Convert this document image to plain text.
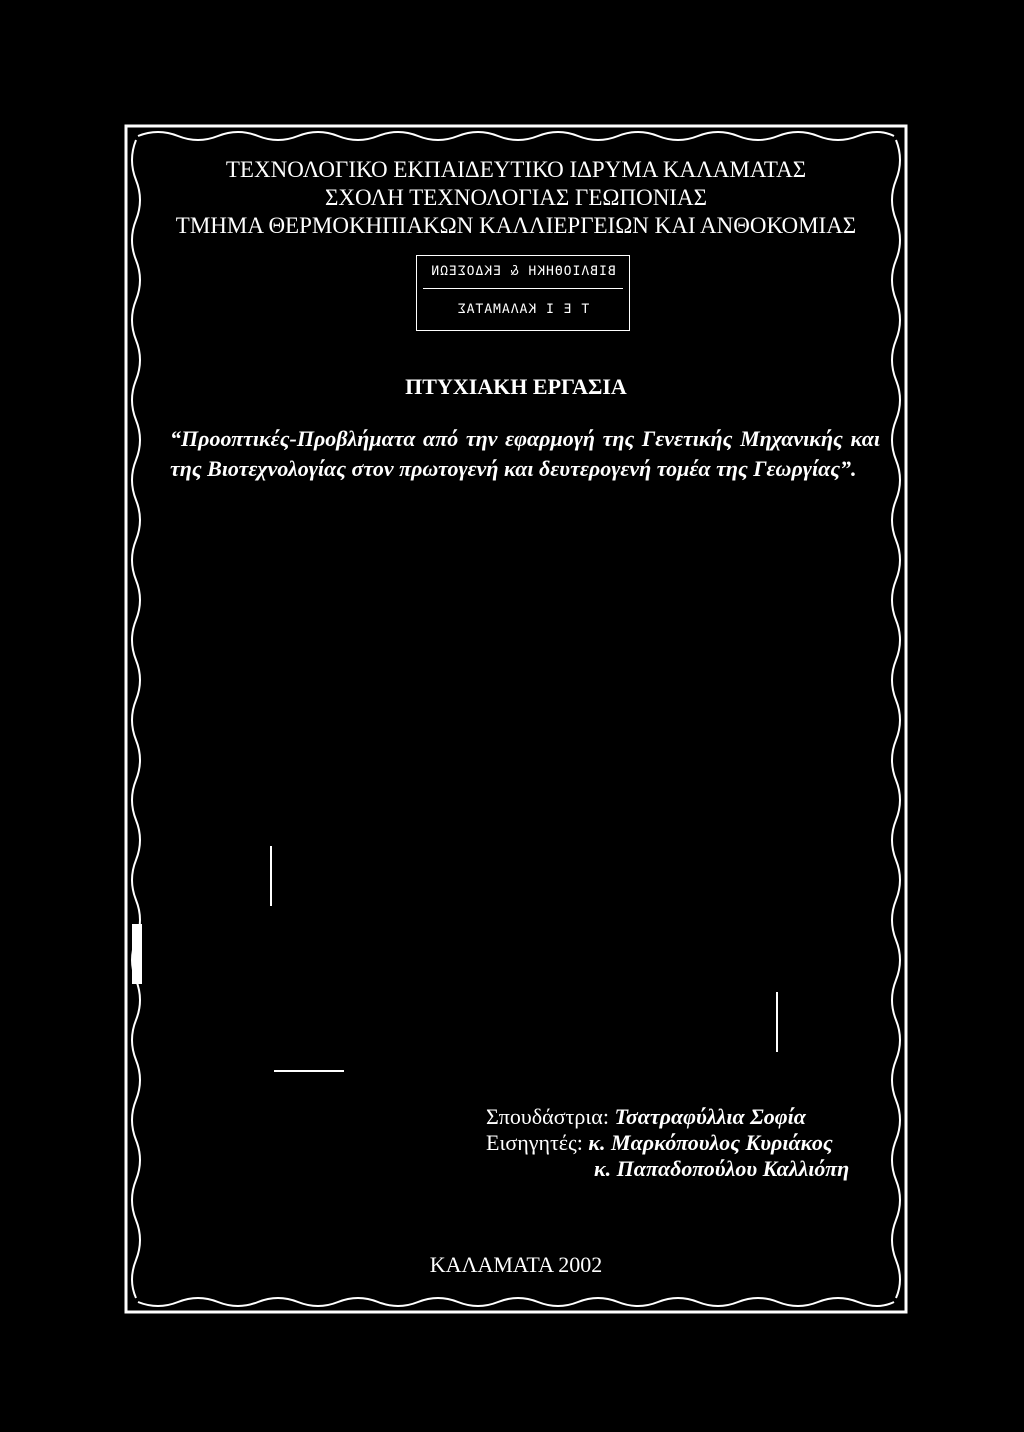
ΤΕΧΝΟΛΟΓΙΚΟ ΕΚΠΑΙΔΕΥΤΙΚΟ ΙΔΡΥΜΑ ΚΑΛΑΜΑΤΑΣ
ΣΧΟΛΗ ΤΕΧΝΟΛΟΓΙΑΣ ΓΕΩΠΟΝΙΑΣ
ΤΜΗΜΑ ΘΕΡΜΟΚΗΠΙΑΚΩΝ ΚΑΛΛΙΕΡΓΕΙΩΝ ΚΑΙ ΑΝΘΟΚΟΜΙΑΣ
ΒΙΒΛΙΟΘΗΚΗ & ΕΚΔΟΣΕΩΝ
Τ Ε Ι ΚΑΛΑΜΑΤΑΣ
ΠΤΥΧΙΑΚΗ ΕΡΓΑΣΙΑ
“Προοπτικές-Προβλήματα από την εφαρμογή της Γενετικής Μηχανικής και της Βιοτεχνολογίας στον πρωτογενή και δευτερογενή τομέα της Γεωργίας”.
Σπουδάστρια: Τσατραφύλλια Σοφία
Εισηγητές: κ. Μαρκόπουλος Κυριάκος
κ. Παπαδοπούλου Καλλιόπη
ΚΑΛΑΜΑΤΑ 2002
